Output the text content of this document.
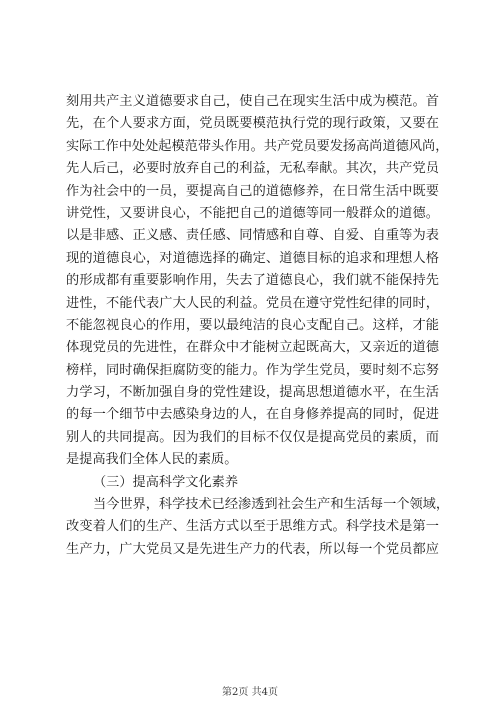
刻用共产主义道德要求自己，使自己在现实生活中成为模范。首
先，在个人要求方面，党员既要模范执行党的现行政策，又要在
实际工作中处处起模范带头作用。共产党员要发扬高尚道德风尚，
先人后己，必要时放弃自己的利益，无私奉献。其次，共产党员
作为社会中的一员，要提高自己的道德修养，在日常生活中既要
讲党性，又要讲良心，不能把自己的道德等同一般群众的道德。
以是非感、正义感、责任感、同情感和自尊、自爱、自重等为表
现的道德良心，对道德选择的确定、道德目标的追求和理想人格
的形成都有重要影响作用，失去了道德良心，我们就不能保持先
进性，不能代表广大人民的利益。党员在遵守党性纪律的同时，
不能忽视良心的作用，要以最纯洁的良心支配自己。这样，才能
体现党员的先进性，在群众中才能树立起既高大，又亲近的道德
榜样，同时确保拒腐防变的能力。作为学生党员，要时刻不忘努
力学习，不断加强自身的党性建设，提高思想道德水平，在生活
的每一个细节中去感染身边的人，在自身修养提高的同时，促进
别人的共同提高。因为我们的目标不仅仅是提高党员的素质，而
是提高我们全体人民的素质。
（三）提高科学文化素养
当今世界，科学技术已经渗透到社会生产和生活每一个领域，
改变着人们的生产、生活方式以至于思维方式。科学技术是第一
生产力，广大党员又是先进生产力的代表，所以每一个党员都应
第2页 共4页
